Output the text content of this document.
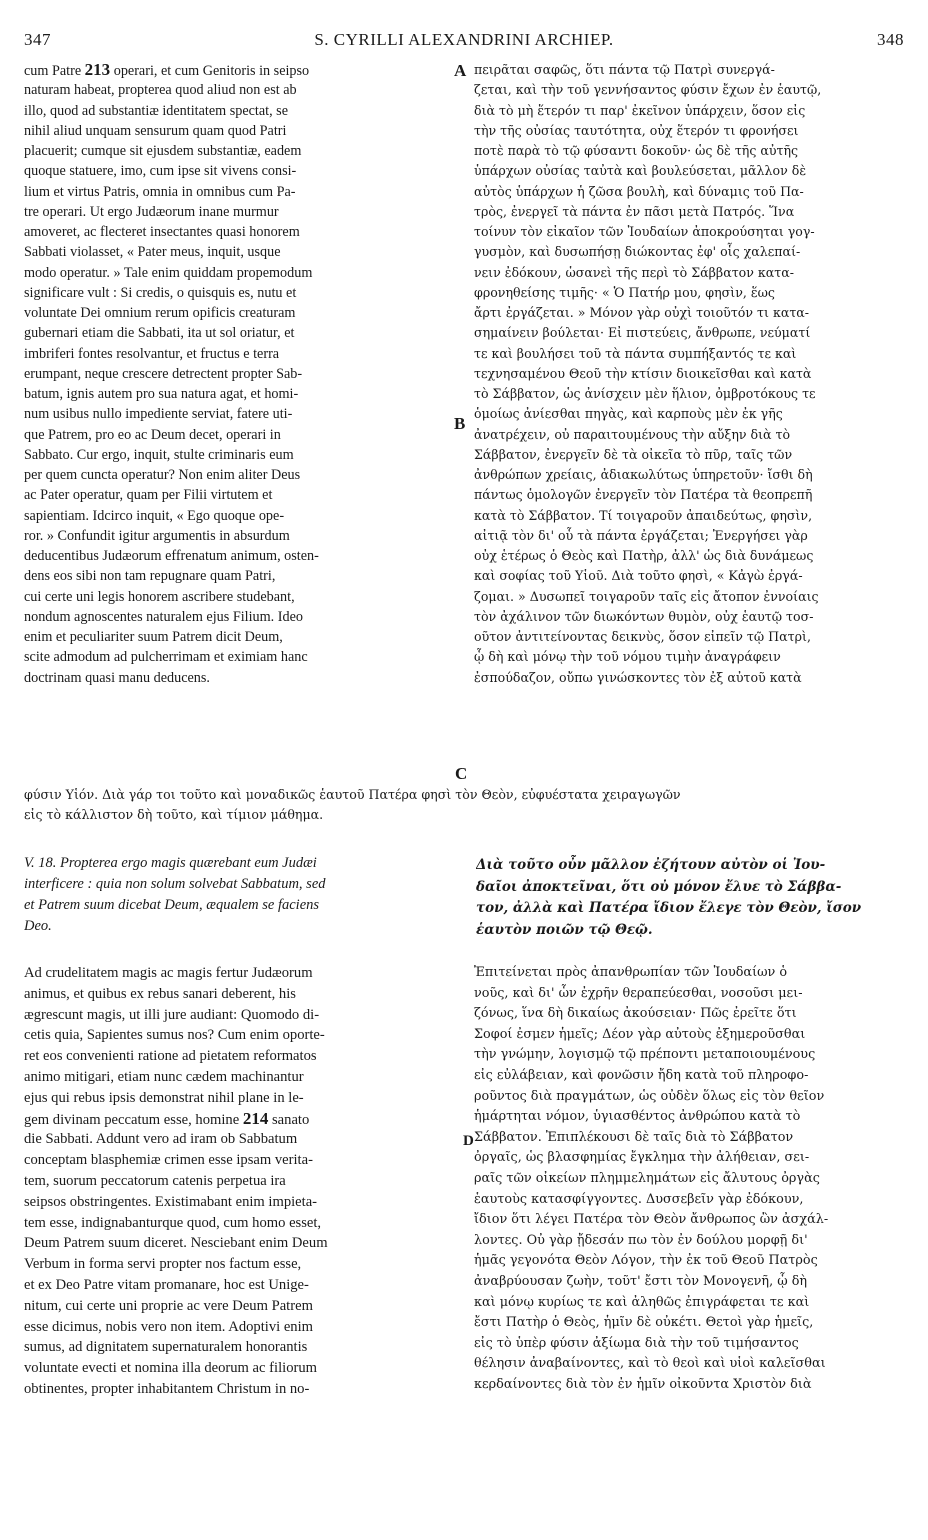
347	S. CYRILLI ALEXANDRINI ARCHIEP.	348
A
B
C
D
cum Patre 213 operari, et cum Genitoris in seipso
naturam habeat, propterea quod aliud non est ab
illo, quod ad substantiæ identitatem spectat, se
nihil aliud unquam sensurum quam quod Patri
placuerit; cumque sit ejusdem substantiæ, eadem
quoque statuere, imo, cum ipse sit vivens consi-
lium et virtus Patris, omnia in omnibus cum Pa-
tre operari. Ut ergo Judæorum inane murmur
amoveret, ac flecteret insectantes quasi honorem
Sabbati violasset, « Pater meus, inquit, usque
modo operatur. » Tale enim quiddam propemodum
significare vult : Si credis, o quisquis es, nutu et
voluntate Dei omnium rerum opificis creaturam
gubernari etiam die Sabbati, ita ut sol oriatur, et
imbriferi fontes resolvantur, et fructus e terra
erumpant, neque crescere detrectent propter Sab-
batum, ignis autem pro sua natura agat, et homi-
num usibus nullo impediente serviat, fatere uti-
que Patrem, pro eo ac Deum decet, operari in
Sabbato. Cur ergo, inquit, stulte criminaris eum
per quem cuncta operatur? Non enim aliter Deus
ac Pater operatur, quam per Filii virtutem et
sapientiam. Idcirco inquit, « Ego quoque ope-
ror. » Confundit igitur argumentis in absurdum
deducentibus Judæorum effrenatum animum, osten-
dens eos sibi non tam repugnare quam Patri,
cui certe uni legis honorem ascribere studebant,
nondum agnoscentes naturalem ejus Filium. Ideo
enim et peculiariter suum Patrem dicit Deum,
scite admodum ad pulcherrimam et eximiam hanc
doctrinam quasi manu deducens.
πειρᾶται σαφῶς, ὅτι πάντα τῷ Πατρὶ συνεργά-
ζεται, καὶ τὴν τοῦ γεννήσαντος φύσιν ἔχων ἐν ἑαυτῷ,
διὰ τὸ μὴ ἕτερόν τι παρ' ἐκεῖνον ὑπάρχειν, ὅσον εἰς
τὴν τῆς οὐσίας ταυτότητα, οὐχ ἕτερόν τι φρονήσει
ποτὲ παρὰ τὸ τῷ φύσαντι δοκοῦν· ὡς δὲ τῆς αὐτῆς
ὑπάρχων οὐσίας ταὐτὰ καὶ βουλεύσεται, μᾶλλον δὲ
αὐτὸς ὑπάρχων ἡ ζῶσα βουλὴ, καὶ δύναμις τοῦ Πα-
τρὸς, ἐνεργεῖ τὰ πάντα ἐν πᾶσι μετὰ Πατρός. Ἵνα
τοίνυν τὸν εἰκαῖον τῶν Ἰουδαίων ἀποκρούσηται γογ-
γυσμὸν, καὶ δυσωπήσῃ διώκοντας ἐφ' οἷς χαλεπαί-
νειν ἐδόκουν, ὡσανεὶ τῆς περὶ τὸ Σάββατον κατα-
φρονηθείσης τιμῆς· « Ὁ Πατήρ μου, φησὶν, ἕως
ἄρτι ἐργάζεται. » Μόνον γὰρ οὐχὶ τοιοῦτόν τι κατα-
σημαίνειν βούλεται· Εἰ πιστεύεις, ἄνθρωπε, νεύματί
τε καὶ βουλήσει τοῦ τὰ πάντα συμπήξαντός τε καὶ
τεχνησαμένου Θεοῦ τὴν κτίσιν διοικεῖσθαι καὶ κατὰ
τὸ Σάββατον, ὡς ἀνίσχειν μὲν ἥλιον, ὀμβροτόκους τε
ὁμοίως ἀνίεσθαι πηγὰς, καὶ καρποὺς μὲν ἐκ γῆς
ἀνατρέχειν, οὐ παραιτουμένους τὴν αὔξην διὰ τὸ
Σάββατον, ἐνεργεῖν δὲ τὰ οἰκεῖα τὸ πῦρ, ταῖς τῶν
ἀνθρώπων χρείαις, ἀδιακωλύτως ὑπηρετοῦν· ἴσθι δὴ
πάντως ὁμολογῶν ἐνεργεῖν τὸν Πατέρα τὰ θεοπρεπῆ
κατὰ τὸ Σάββατον. Τί τοιγαροῦν ἀπαιδεύτως, φησὶν,
αἰτιᾷ τὸν δι' οὗ τὰ πάντα ἐργάζεται; Ἐνεργήσει γὰρ
οὐχ ἑτέρως ὁ Θεὸς καὶ Πατὴρ, ἀλλ' ὡς διὰ δυνάμεως
καὶ σοφίας τοῦ Υἱοῦ. Διὰ τοῦτο φησὶ, « Κἀγὼ ἐργά-
ζομαι. » Δυσωπεῖ τοιγαροῦν ταῖς εἰς ἄτοπον ἐννοίαις
τὸν ἀχάλινον τῶν διωκόντων θυμὸν, οὐχ ἑαυτῷ τοσ-
οῦτον ἀντιτείνοντας δεικνὺς, ὅσον εἰπεῖν τῷ Πατρὶ,
ᾧ δὴ καὶ μόνῳ τὴν τοῦ νόμου τιμὴν ἀναγράφειν
ἐσπούδαζον, οὔπω γινώσκοντες τὸν ἐξ αὐτοῦ κατὰ
φύσιν Υἱόν. Διὰ γάρ τοι τοῦτο καὶ μοναδικῶς ἑαυτοῦ Πατέρα φησὶ τὸν Θεὸν, εὐφυέστατα χειραγωγῶν
εἰς τὸ κάλλιστον δὴ τοῦτο, καὶ τίμιον μάθημα.
V. 18. Propterea ergo magis quærebant eum Judæi
interficere : quia non solum solvebat Sabbatum, sed
et Patrem suum dicebat Deum, æqualem se faciens
Deo.
Διὰ τοῦτο οὖν μᾶλλον ἐζήτουν αὐτὸν οἱ Ἰου-
δαῖοι ἀποκτεῖναι, ὅτι οὐ μόνον ἔλυε τὸ Σάββα-
τον, ἀλλὰ καὶ Πατέρα ἴδιον ἔλεγε τὸν Θεὸν, ἴσον
ἑαυτὸν ποιῶν τῷ Θεῷ.
Ad crudelitatem magis ac magis fertur Judæorum
animus, et quibus ex rebus sanari deberent, his
ægrescunt magis, ut illi jure audiant: Quomodo di-
cetis quia, Sapientes sumus nos? Cum enim oporte-
ret eos convenienti ratione ad pietatem reformatos
animo mitigari, etiam nunc cædem machinantur
ejus qui rebus ipsis demonstrat nihil plane in le-
gem divinam peccatum esse, homine 214 sanato
die Sabbati. Addunt vero ad iram ob Sabbatum
conceptam blasphemiæ crimen esse ipsam verita-
tem, suorum peccatorum catenis perpetua ira
seipsos obstringentes. Existimabant enim impieta-
tem esse, indignabanturque quod, cum homo esset,
Deum Patrem suum diceret. Nesciebant enim Deum
Verbum in forma servi propter nos factum esse,
et ex Deo Patre vitam promanare, hoc est Unige-
nitum, cui certe uni proprie ac vere Deum Patrem
esse dicimus, nobis vero non item. Adoptivi enim
sumus, ad dignitatem supernaturalem honorantis
voluntate evecti et nomina illa deorum ac filiorum
obtinentes, propter inhabitantem Christum in no-
Ἐπιτείνεται πρὸς ἀπανθρωπίαν τῶν Ἰουδαίων ὁ
νοῦς, καὶ δι' ὧν ἐχρῆν θεραπεύεσθαι, νοσοῦσι μει-
ζόνως, ἵνα δὴ δικαίως ἀκούσειαν· Πῶς ἐρεῖτε ὅτι
Σοφοί ἐσμεν ἡμεῖς; Δέον γὰρ αὐτοὺς ἐξημεροῦσθαι
τὴν γνώμην, λογισμῷ τῷ πρέποντι μεταποιουμένους
εἰς εὐλάβειαν, καὶ φονῶσιν ἤδη κατὰ τοῦ πληροφο-
ροῦντος διὰ πραγμάτων, ὡς οὐδὲν ὅλως εἰς τὸν θεῖον
ἡμάρτηται νόμον, ὑγιασθέντος ἀνθρώπου κατὰ τὸ
Σάββατον. Ἐπιπλέκουσι δὲ ταῖς διὰ τὸ Σάββατον
ὀργαῖς, ὡς βλασφημίας ἔγκλημα τὴν ἀλήθειαν, σει-
ραῖς τῶν οἰκείων πλημμελημάτων εἰς ἄλυτους ὀργὰς
ἑαυτοὺς κατασφίγγοντες. Δυσσεβεῖν γὰρ ἐδόκουν,
ἴδιον ὅτι λέγει Πατέρα τὸν Θεὸν ἄνθρωπος ὢν ἀσχάλ-
λοντες. Οὐ γὰρ ᾔδεσάν πω τὸν ἐν δούλου μορφῇ δι'
ἡμᾶς γεγονότα Θεὸν Λόγον, τὴν ἐκ τοῦ Θεοῦ Πατρὸς
ἀναβρύουσαν ζωὴν, τοῦτ' ἔστι τὸν Μονογενῆ, ᾧ δὴ
καὶ μόνῳ κυρίως τε καὶ ἀληθῶς ἐπιγράφεται τε καὶ
ἔστι Πατὴρ ὁ Θεὸς, ἡμῖν δὲ οὐκέτι. Θετοὶ γὰρ ἡμεῖς,
εἰς τὸ ὑπὲρ φύσιν ἀξίωμα διὰ τὴν τοῦ τιμήσαντος
θέλησιν ἀναβαίνοντες, καὶ τὸ θεοὶ καὶ υἱοὶ καλεῖσθαι
κερδαίνοντες διὰ τὸν ἐν ἡμῖν οἰκοῦντα Χριστὸν διὰ
